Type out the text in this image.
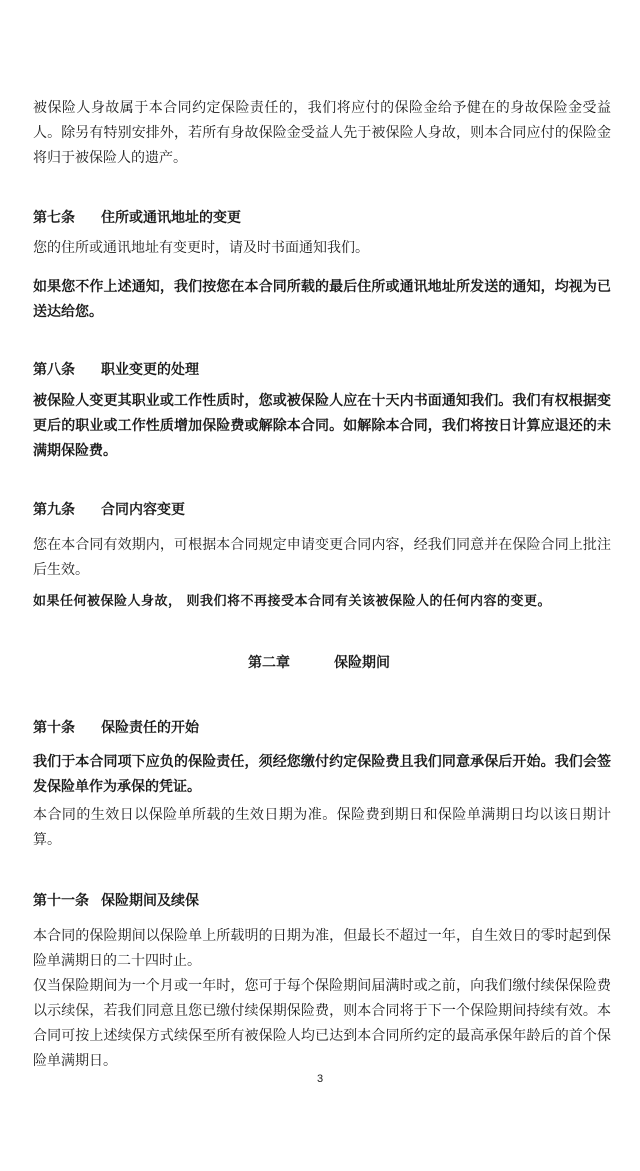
被保险人身故属于本合同约定保险责任的，我们将应付的保险金给予健在的身故保险金受益人。除另有特别安排外，若所有身故保险金受益人先于被保险人身故，则本合同应付的保险金将归于被保险人的遗产。

第七条 住所或通讯地址的变更

您的住所或通讯地址有变更时，请及时书面通知我们。

如果您不作上述通知，我们按您在本合同所载的最后住所或通讯地址所发送的通知，均视为已送达给您。

第八条 职业变更的处理

被保险人变更其职业或工作性质时，您或被保险人应在十天内书面通知我们。我们有权根据变更后的职业或工作性质增加保险费或解除本合同。如解除本合同，我们将按日计算应退还的未满期保险费。

第九条 合同内容变更

您在本合同有效期内，可根据本合同规定申请变更合同内容，经我们同意并在保险合同上批注后生效。

如果任何被保险人身故， 则我们将不再接受本合同有关该被保险人的任何内容的变更。

第二章	保险期间
第十条 保险责任的开始

我们于本合同项下应负的保险责任，须经您缴付约定保险费且我们同意承保后开始。我们会签发保险单作为承保的凭证。

本合同的生效日以保险单所载的生效日期为准。保险费到期日和保险单满期日均以该日期计算。

第十一条 保险期间及续保

本合同的保险期间以保险单上所载明的日期为准，但最长不超过一年，自生效日的零时起到保险单满期日的二十四时止。

仅当保险期间为一个月或一年时，您可于每个保险期间届满时或之前，向我们缴付续保保险费以示续保，若我们同意且您已缴付续保期保险费，则本合同将于下一个保险期间持续有效。本合同可按上述续保方式续保至所有被保险人均已达到本合同所约定的最高承保年龄后的首个保险单满期日。

3
